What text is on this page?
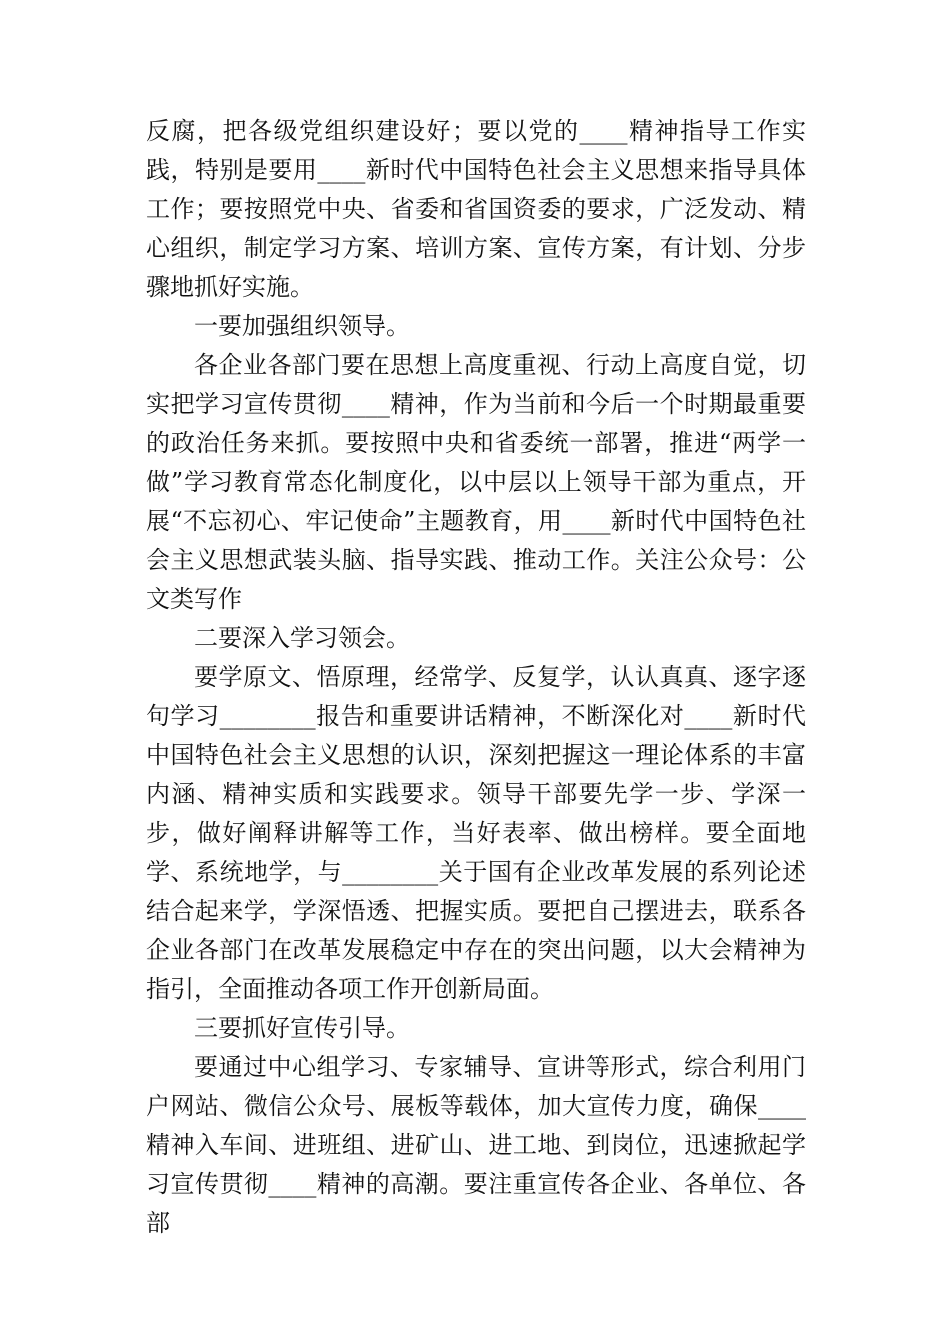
反腐，把各级党组织建设好；要以党的____精神指导工作实践，特别是要用____新时代中国特色社会主义思想来指导具体工作；要按照党中央、省委和省国资委的要求，广泛发动、精心组织，制定学习方案、培训方案、宣传方案，有计划、分步骤地抓好实施。

一要加强组织领导。

各企业各部门要在思想上高度重视、行动上高度自觉，切实把学习宣传贯彻____精神，作为当前和今后一个时期最重要的政治任务来抓。要按照中央和省委统一部署，推进“两学一做”学习教育常态化制度化，以中层以上领导干部为重点，开展“不忘初心、牢记使命”主题教育，用____新时代中国特色社会主义思想武装头脑、指导实践、推动工作。关注公众号：公文类写作

二要深入学习领会。

要学原文、悟原理，经常学、反复学，认认真真、逐字逐句学习________报告和重要讲话精神，不断深化对____新时代中国特色社会主义思想的认识，深刻把握这一理论体系的丰富内涵、精神实质和实践要求。领导干部要先学一步、学深一步，做好阐释讲解等工作，当好表率、做出榜样。要全面地学、系统地学，与________关于国有企业改革发展的系列论述结合起来学，学深悟透、把握实质。要把自己摆进去，联系各企业各部门在改革发展稳定中存在的突出问题，以大会精神为指引，全面推动各项工作开创新局面。

三要抓好宣传引导。

要通过中心组学习、专家辅导、宣讲等形式，综合利用门户网站、微信公众号、展板等载体，加大宣传力度，确保____精神入车间、进班组、进矿山、进工地、到岗位，迅速掀起学习宣传贯彻____精神的高潮。要注重宣传各企业、各单位、各部
